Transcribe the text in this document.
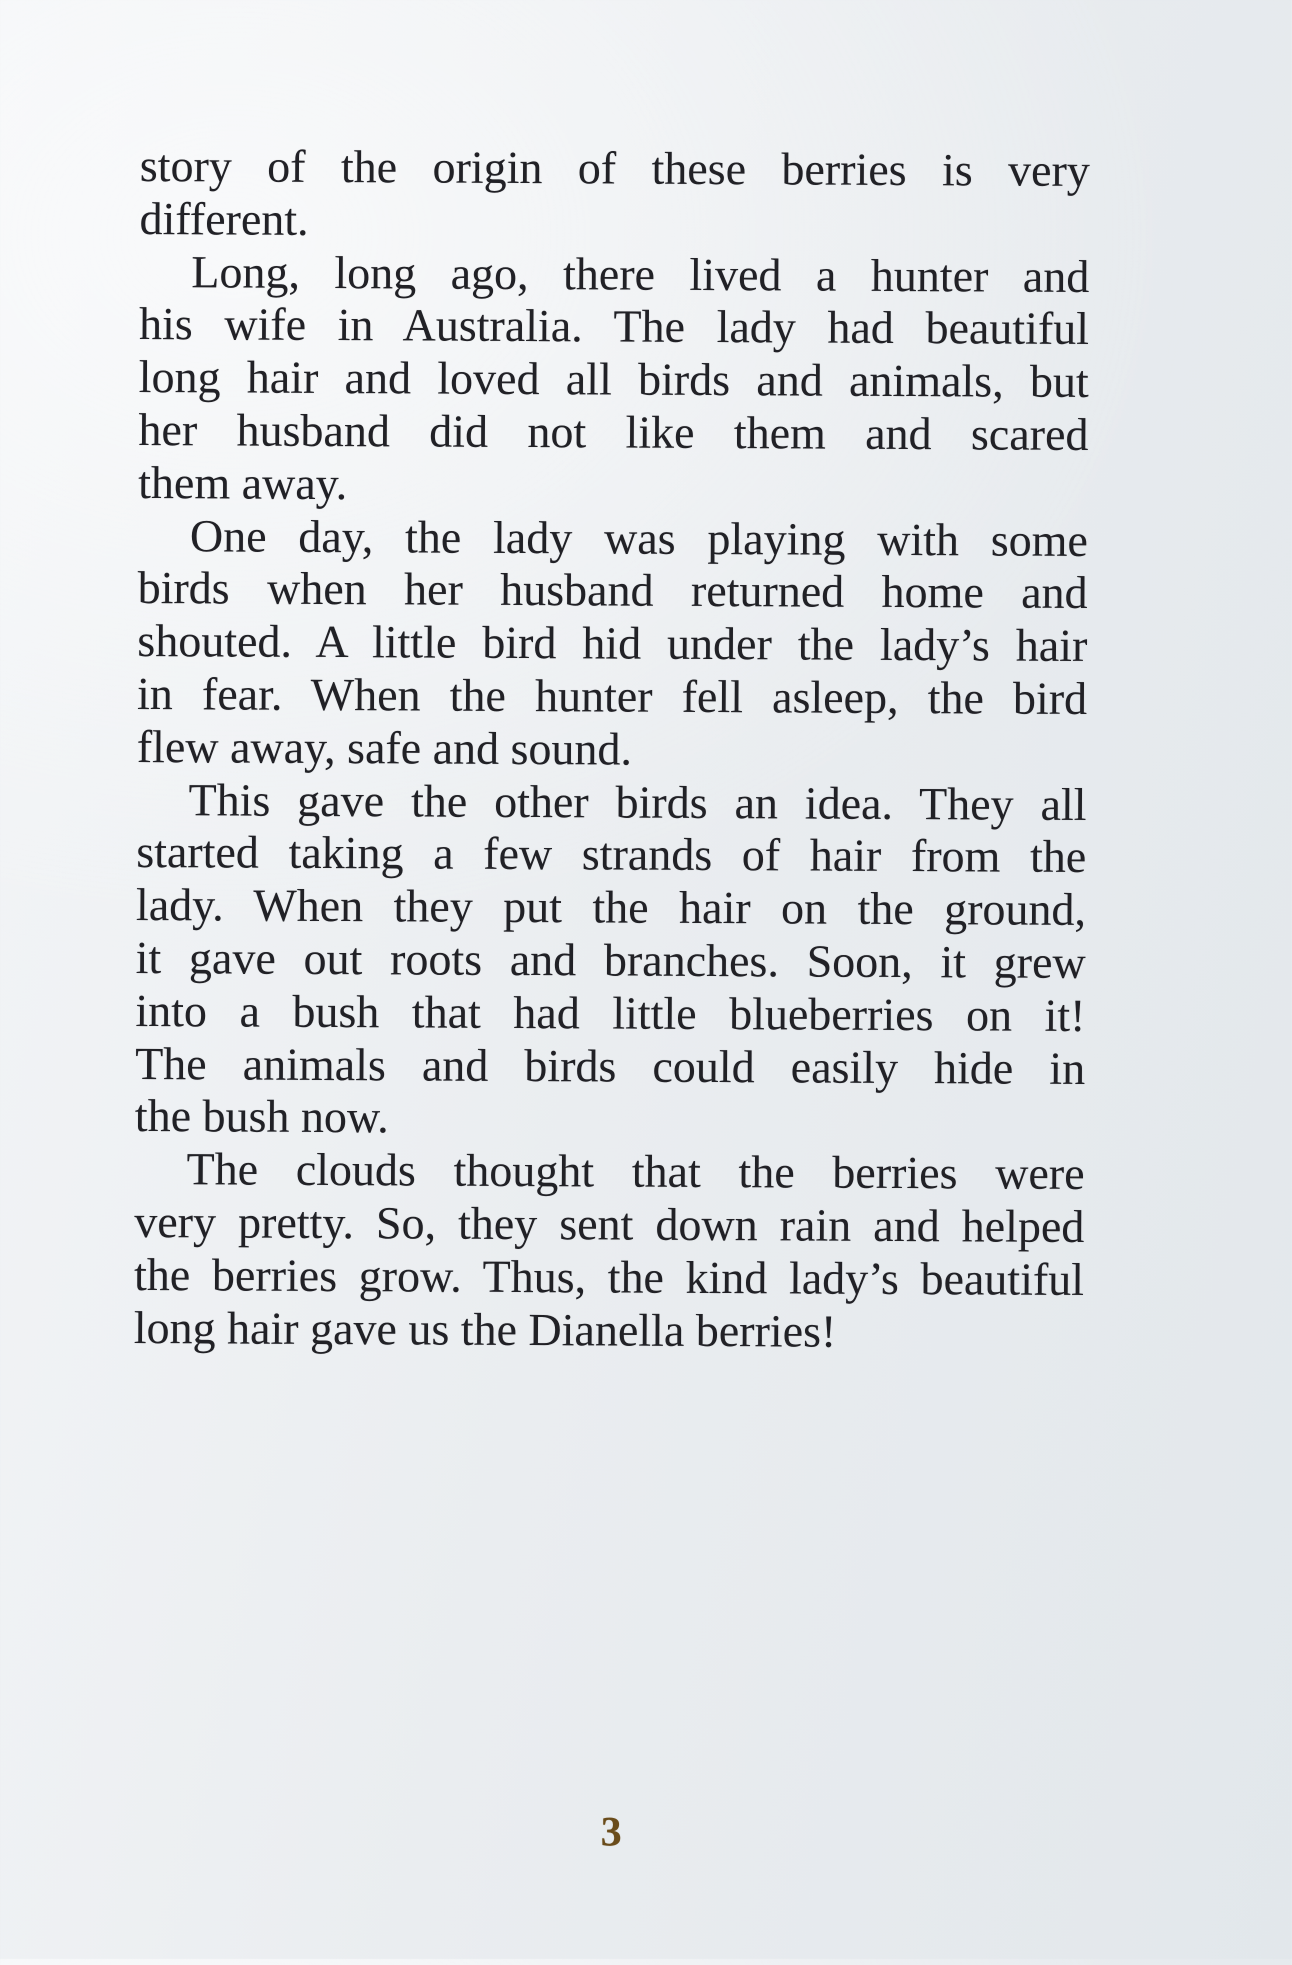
story of the origin of these berries is very
different.
Long, long ago, there lived a hunter and
his wife in Australia. The lady had beautiful
long hair and loved all birds and animals, but
her husband did not like them and scared
them away.
One day, the lady was playing with some
birds when her husband returned home and
shouted. A little bird hid under the lady’s hair
in fear. When the hunter fell asleep, the bird
flew away, safe and sound.
This gave the other birds an idea. They all
started taking a few strands of hair from the
lady. When they put the hair on the ground,
it gave out roots and branches. Soon, it grew
into a bush that had little blueberries on it!
The animals and birds could easily hide in
the bush now.
The clouds thought that the berries were
very pretty. So, they sent down rain and helped
the berries grow. Thus, the kind lady’s beautiful
long hair gave us the Dianella berries!
3
